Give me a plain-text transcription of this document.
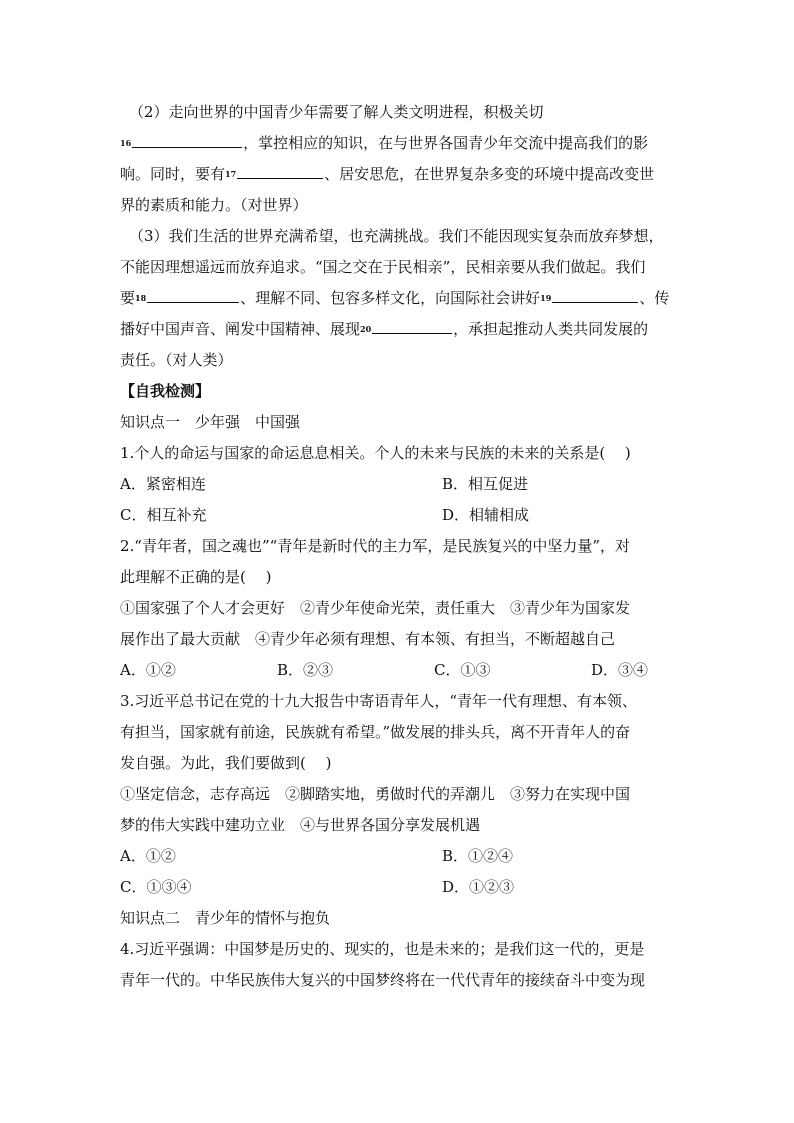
（2）走向世界的中国青少年需要了解人类文明进程，积极关切
16	，掌控相应的知识，在与世界各国青少年交流中提高我们的影
响。同时，要有17	、居安思危，在世界复杂多变的环境中提高改变世
界的素质和能力。（对世界）
（3）我们生活的世界充满希望，也充满挑战。我们不能因现实复杂而放弃梦想，
不能因理想遥远而放弃追求。“国之交在于民相亲”，民相亲要从我们做起。我们
要18	、理解不同、包容多样文化，向国际社会讲好19	、传
播好中国声音、阐发中国精神、展现20	，承担起推动人类共同发展的
责任。（对人类）
【自我检测】
知识点一　少年强　中国强
1.个人的命运与国家的命运息息相关。个人的未来与民族的未来的关系是(　 )
A．紧密相连	B．相互促进
C．相互补充	D．相辅相成
2.“青年者，国之魂也”“青年是新时代的主力军，是民族复兴的中坚力量”，对
此理解不正确的是(　 )
①国家强了个人才会更好　②青少年使命光荣，责任重大　③青少年为国家发
展作出了最大贡献　④青少年必须有理想、有本领、有担当，不断超越自己
A．①②	B．②③	C．①③	D．③④
3.习近平总书记在党的十九大报告中寄语青年人，“青年一代有理想、有本领、
有担当，国家就有前途，民族就有希望。”做发展的排头兵，离不开青年人的奋
发自强。为此，我们要做到(　 )
①坚定信念，志存高远　②脚踏实地，勇做时代的弄潮儿　③努力在实现中国
梦的伟大实践中建功立业　④与世界各国分享发展机遇
A．①②	B．①②④
C．①③④	D．①②③
知识点二　青少年的情怀与抱负
4.习近平强调：中国梦是历史的、现实的，也是未来的；是我们这一代的，更是
青年一代的。中华民族伟大复兴的中国梦终将在一代代青年的接续奋斗中变为现
